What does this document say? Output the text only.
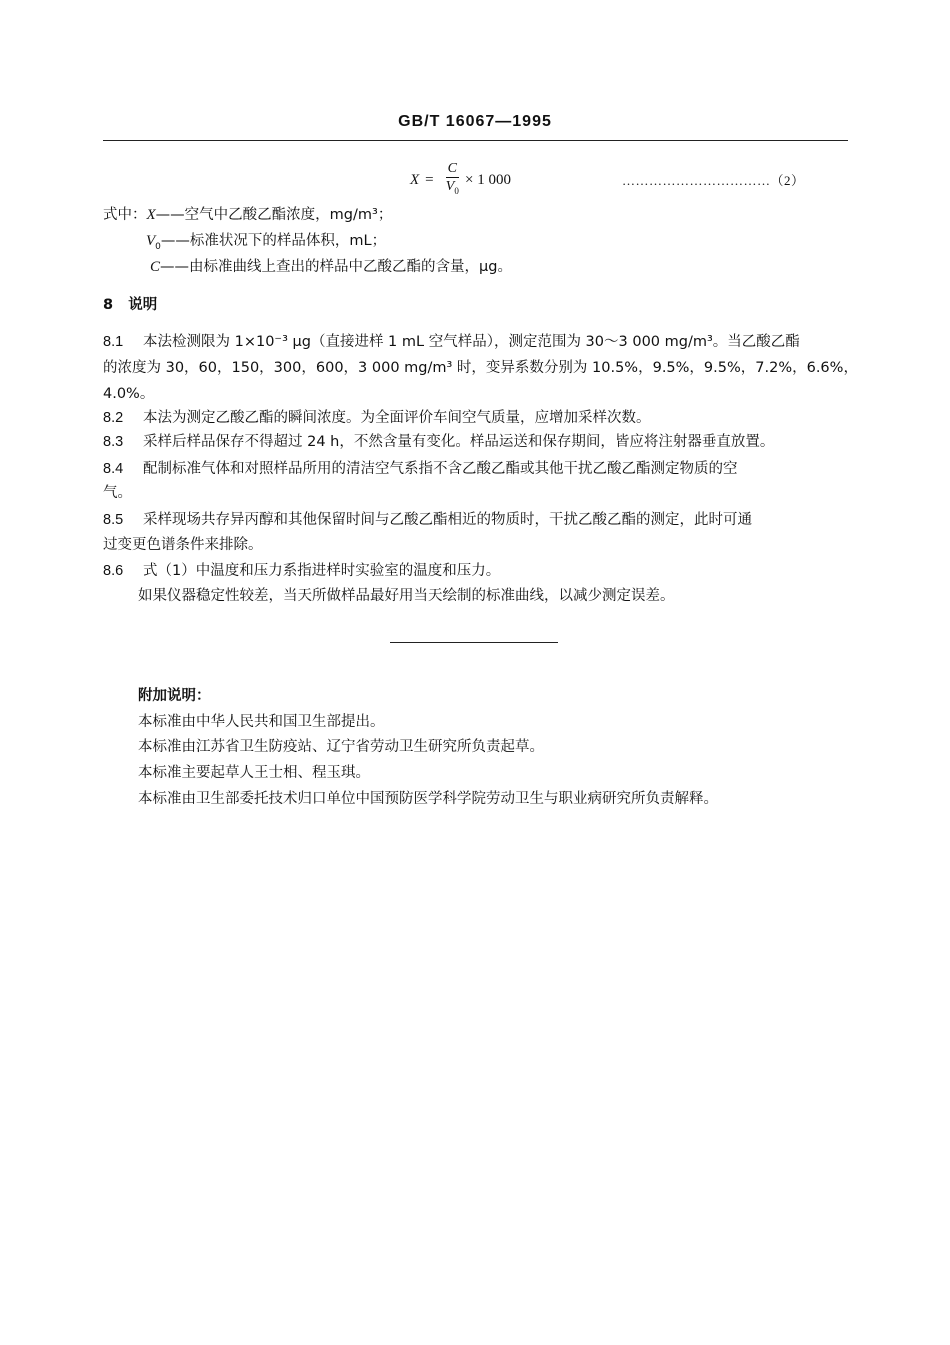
GB/T 16067—1995
$X = \frac{C}{V_0} \times 1$ 000	……………………………（2）
式中：X——空气中乙酸乙酯浓度，mg/m³；
$V_0——$标准状况下的样品体积，mL；
C——由标准曲线上查出的样品中乙酸乙酯的含量，μg。
8 说明
8.1 本法检测限为 1×10⁻³ μg（直接进样 1 mL 空气样品），测定范围为 30～3 000 mg/m³。当乙酸乙酯
的浓度为 30，60，150，300，600，3 000 mg/m³ 时，变异系数分别为 10.5%，9.5%，9.5%，7.2%，6.6%，
4.0%。
8.2 本法为测定乙酸乙酯的瞬间浓度。为全面评价车间空气质量，应增加采样次数。
8.3 采样后样品保存不得超过 24 h，不然含量有变化。样品运送和保存期间，皆应将注射器垂直放置。
8.4 配制标准气体和对照样品所用的清洁空气系指不含乙酸乙酯或其他干扰乙酸乙酯测定物质的空
气。
8.5 采样现场共存异丙醇和其他保留时间与乙酸乙酯相近的物质时，干扰乙酸乙酯的测定，此时可通
过变更色谱条件来排除。
8.6 式（1）中温度和压力系指进样时实验室的温度和压力。
如果仪器稳定性较差，当天所做样品最好用当天绘制的标准曲线，以减少测定误差。
附加说明：
本标准由中华人民共和国卫生部提出。
本标准由江苏省卫生防疫站、辽宁省劳动卫生研究所负责起草。
本标准主要起草人王士相、程玉琪。
本标准由卫生部委托技术归口单位中国预防医学科学院劳动卫生与职业病研究所负责解释。
